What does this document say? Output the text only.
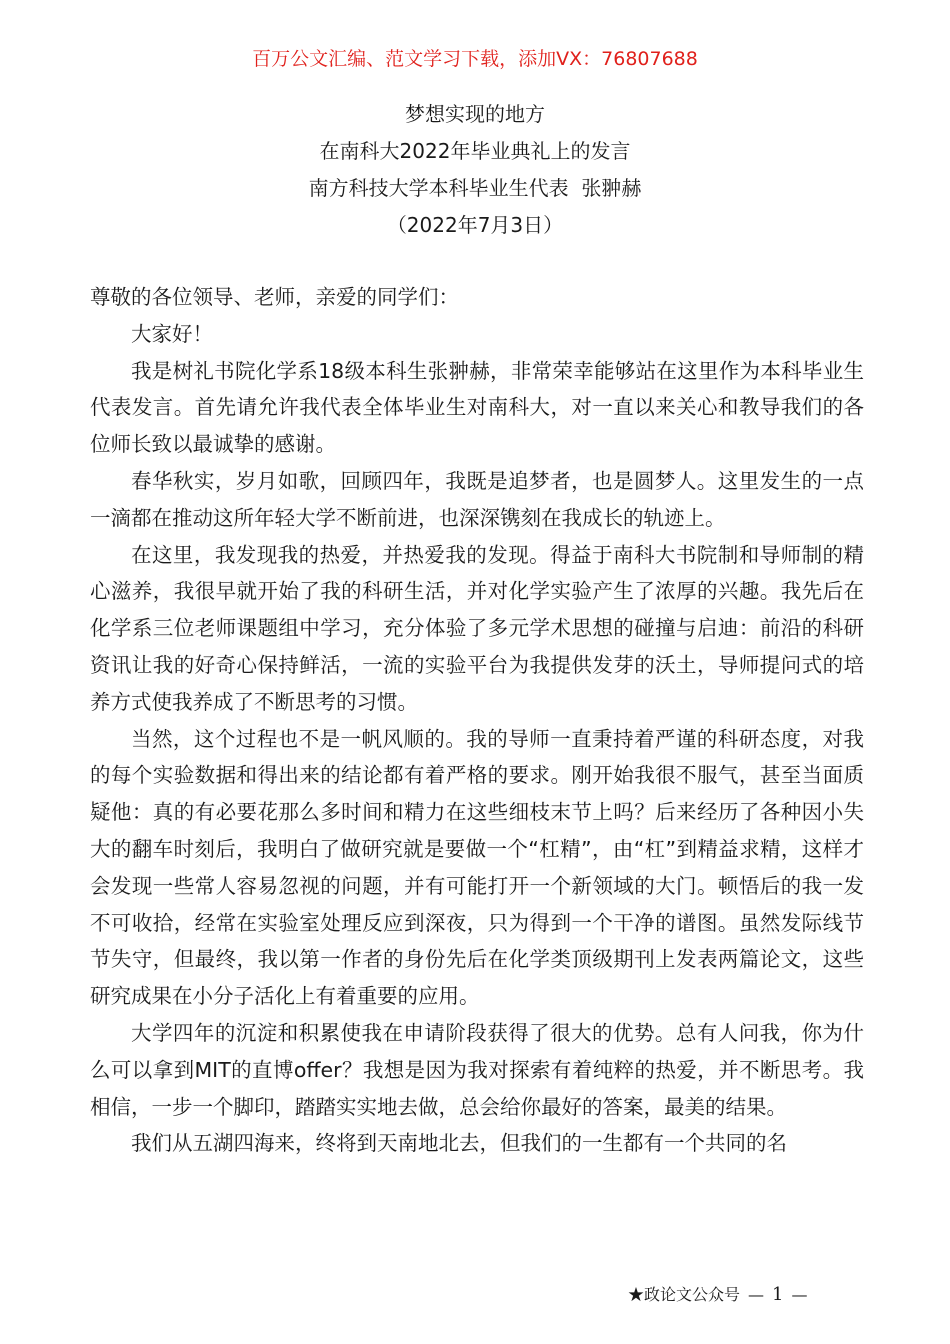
百万公文汇编、范文学习下载，添加VX：76807688
梦想实现的地方
在南科大2022年毕业典礼上的发言
南方科技大学本科毕业生代表  张翀赫
（2022年7月3日）

尊敬的各位领导、老师，亲爱的同学们：

大家好！

我是树礼书院化学系18级本科生张翀赫，非常荣幸能够站在这里作为本科毕业生代表发言。首先请允许我代表全体毕业生对南科大，对一直以来关心和教导我们的各位师长致以最诚挚的感谢。

春华秋实，岁月如歌，回顾四年，我既是追梦者，也是圆梦人。这里发生的一点一滴都在推动这所年轻大学不断前进，也深深镌刻在我成长的轨迹上。

在这里，我发现我的热爱，并热爱我的发现。得益于南科大书院制和导师制的精心滋养，我很早就开始了我的科研生活，并对化学实验产生了浓厚的兴趣。我先后在化学系三位老师课题组中学习，充分体验了多元学术思想的碰撞与启迪：前沿的科研资讯让我的好奇心保持鲜活，一流的实验平台为我提供发芽的沃土，导师提问式的培养方式使我养成了不断思考的习惯。

当然，这个过程也不是一帆风顺的。我的导师一直秉持着严谨的科研态度，对我的每个实验数据和得出来的结论都有着严格的要求。刚开始我很不服气，甚至当面质疑他：真的有必要花那么多时间和精力在这些细枝末节上吗？后来经历了各种因小失大的翻车时刻后，我明白了做研究就是要做一个“杠精”，由“杠”到精益求精，这样才会发现一些常人容易忽视的问题，并有可能打开一个新领域的大门。顿悟后的我一发不可收拾，经常在实验室处理反应到深夜，只为得到一个干净的谱图。虽然发际线节节失守，但最终，我以第一作者的身份先后在化学类顶级期刊上发表两篇论文，这些研究成果在小分子活化上有着重要的应用。

大学四年的沉淀和积累使我在申请阶段获得了很大的优势。总有人问我，你为什么可以拿到MIT的直博offer？我想是因为我对探索有着纯粹的热爱，并不断思考。我相信，一步一个脚印，踏踏实实地去做，总会给你最好的答案，最美的结果。

我们从五湖四海来，终将到天南地北去，但我们的一生都有一个共同的名

★政论文公众号 — 1 —
